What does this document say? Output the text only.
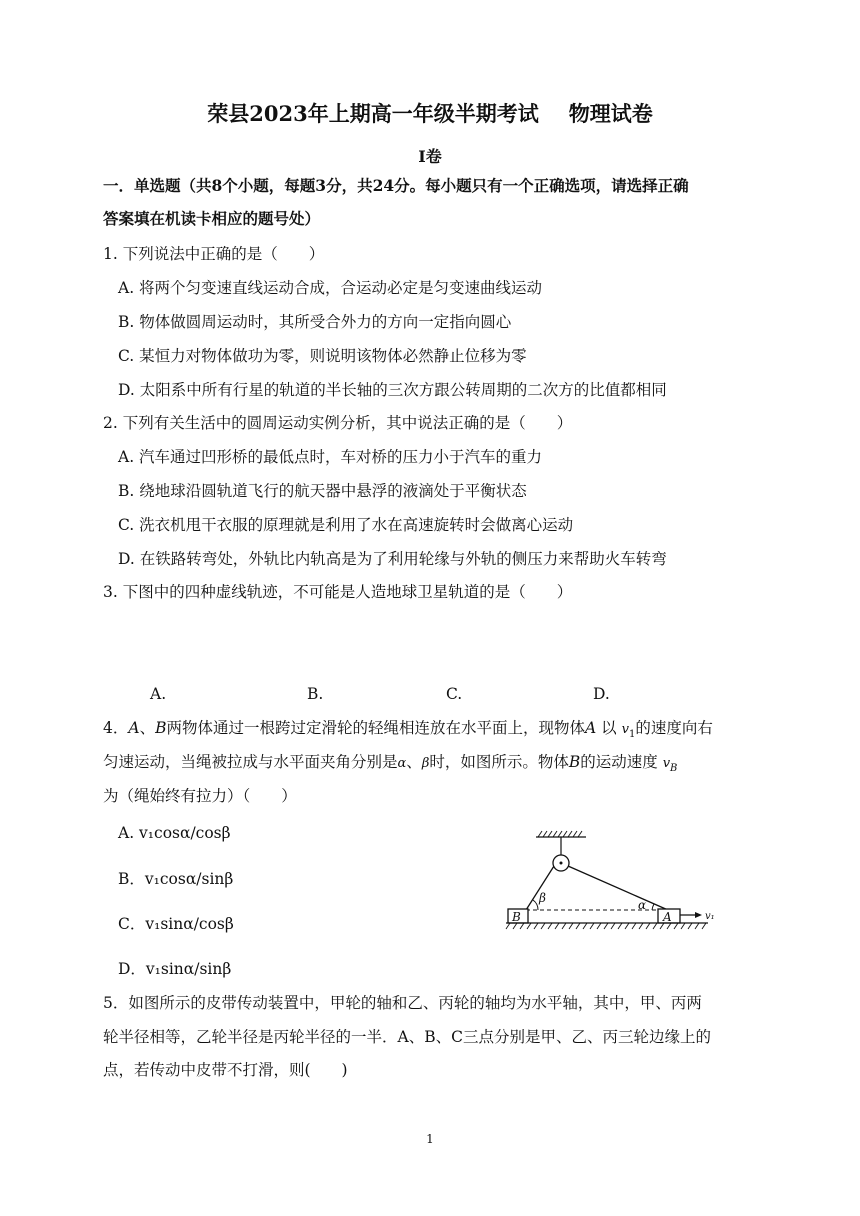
荣县2023年上期高一年级半期考试 物理试卷
I卷
一．单选题（共8个小题，每题3分，共24分。每小题只有一个正确选项，请选择正确
答案填在机读卡相应的题号处）
1. 下列说法中正确的是（　　）
A. 将两个匀变速直线运动合成，合运动必定是匀变速曲线运动
B. 物体做圆周运动时，其所受合外力的方向一定指向圆心
C. 某恒力对物体做功为零，则说明该物体必然静止位移为零
D. 太阳系中所有行星的轨道的半长轴的三次方跟公转周期的二次方的比值都相同
2. 下列有关生活中的圆周运动实例分析，其中说法正确的是（　　）
A. 汽车通过凹形桥的最低点时，车对桥的压力小于汽车的重力
B. 绕地球沿圆轨道飞行的航天器中悬浮的液滴处于平衡状态
C. 洗衣机甩干衣服的原理就是利用了水在高速旋转时会做离心运动
D. 在铁路转弯处，外轨比内轨高是为了利用轮缘与外轨的侧压力来帮助火车转弯
3. 下图中的四种虚线轨迹，不可能是人造地球卫星轨道的是（　　）
A.	B.	C.	D.
4．A、B两物体通过一根跨过定滑轮的轻绳相连放在水平面上，现物体A 以 $v_1$的速度向右
匀速运动，当绳被拉成与水平面夹角分别是α、β时，如图所示。物体B的运动速度 $v_B$
为（绳始终有拉力）（　　）
A. v₁cosα/cosβ
B．v₁cosα/sinβ
C．v₁sinα/cosβ
D．v₁sinα/sinβ
B	A
β	α
v₁
5．如图所示的皮带传动装置中，甲轮的轴和乙、丙轮的轴均为水平轴，其中，甲、丙两
轮半径相等，乙轮半径是丙轮半径的一半．A、B、C三点分别是甲、乙、丙三轮边缘上的
点，若传动中皮带不打滑，则(　　)
1
